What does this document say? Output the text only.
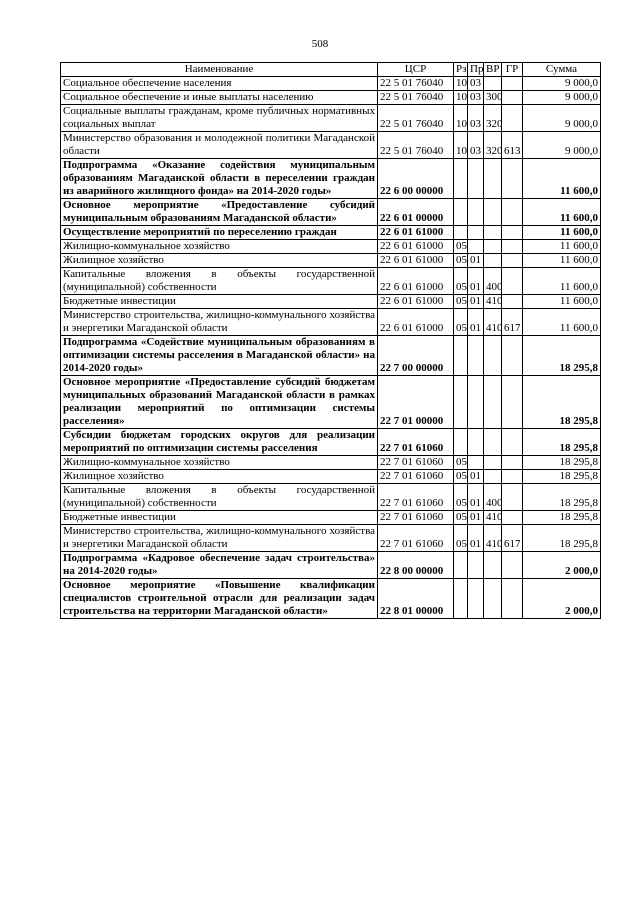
508
Наименование	ЦСР	Рз	Пр	ВР	ГР	Сумма
Социальное обеспечение населения	22 5 01 76040	10	03			9 000,0
Социальное обеспечение и иные выплаты населению	22 5 01 76040	10	03	300		9 000,0
Социальные выплаты гражданам, кроме публичных нормативных социальных выплат	22 5 01 76040	10	03	320		9 000,0
Министерство образования и молодежной политики Магаданской области	22 5 01 76040	10	03	320	613	9 000,0
Подпрограмма «Оказание содействия муниципальным образованиям Магаданской области в переселении граждан из аварийного жилищного фонда» на 2014-2020 годы»	22 6 00 00000					11 600,0
Основное мероприятие «Предоставление субсидий муниципальным образованиям Магаданской области»	22 6 01 00000					11 600,0
Осуществление мероприятий по переселению граждан	22 6 01 61000					11 600,0
Жилищно-коммунальное хозяйство	22 6 01 61000	05				11 600,0
Жилищное хозяйство	22 6 01 61000	05	01			11 600,0
Капитальные вложения в объекты государственной (муниципальной) собственности	22 6 01 61000	05	01	400		11 600,0
Бюджетные инвестиции	22 6 01 61000	05	01	410		11 600,0
Министерство строительства, жилищно-коммунального хозяйства и энергетики Магаданской области	22 6 01 61000	05	01	410	617	11 600,0
Подпрограмма «Содействие муниципальным образованиям в оптимизации системы расселения в Магаданской области» на 2014-2020 годы»	22 7 00 00000					18 295,8
Основное мероприятие «Предоставление субсидий бюджетам муниципальных образований Магаданской области в рамках реализации мероприятий по оптимизации системы расселения»	22 7 01 00000					18 295,8
Субсидии бюджетам городских округов для реализации мероприятий по оптимизации системы расселения	22 7 01 61060					18 295,8
Жилищно-коммунальное хозяйство	22 7 01 61060	05				18 295,8
Жилищное хозяйство	22 7 01 61060	05	01			18 295,8
Капитальные вложения в объекты государственной (муниципальной) собственности	22 7 01 61060	05	01	400		18 295,8
Бюджетные инвестиции	22 7 01 61060	05	01	410		18 295,8
Министерство строительства, жилищно-коммунального хозяйства и энергетики Магаданской области	22 7 01 61060	05	01	410	617	18 295,8
Подпрограмма «Кадровое обеспечение задач строительства» на 2014-2020 годы»	22 8 00 00000					2 000,0
Основное мероприятие «Повышение квалификации специалистов строительной отрасли для реализации задач строительства на территории Магаданской области»	22 8 01 00000					2 000,0
